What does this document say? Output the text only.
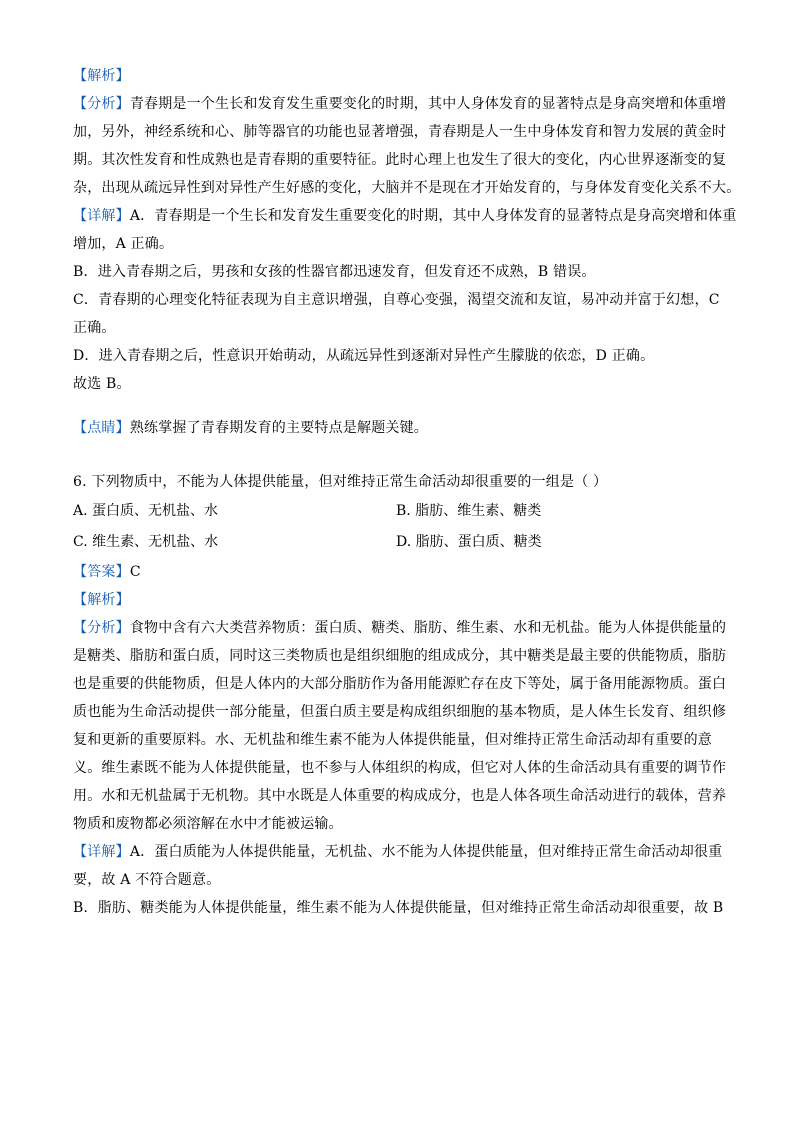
【解析】
【分析】青春期是一个生长和发育发生重要变化的时期，其中人身体发育的显著特点是身高突增和体重增
加，另外，神经系统和心、肺等器官的功能也显著增强，青春期是人一生中身体发育和智力发展的黄金时
期。其次性发育和性成熟也是青春期的重要特征。此时心理上也发生了很大的变化，内心世界逐渐变的复
杂，出现从疏远异性到对异性产生好感的变化，大脑并不是现在才开始发育的，与身体发育变化关系不大。
【详解】A．青春期是一个生长和发育发生重要变化的时期，其中人身体发育的显著特点是身高突增和体重
增加，A 正确。
B．进入青春期之后，男孩和女孩的性器官都迅速发育，但发育还不成熟，B 错误。
C．青春期的心理变化特征表现为自主意识增强，自尊心变强，渴望交流和友谊，易冲动并富于幻想，C
正确。
D．进入青春期之后，性意识开始萌动，从疏远异性到逐渐对异性产生朦胧的依恋，D 正确。
故选 B。
【点睛】熟练掌握了青春期发育的主要特点是解题关键。
6. 下列物质中，不能为人体提供能量，但对维持正常生命活动却很重要的一组是（ ）
A. 蛋白质、无机盐、水	B. 脂肪、维生素、糖类
C. 维生素、无机盐、水	D. 脂肪、蛋白质、糖类
【答案】C
【解析】
【分析】食物中含有六大类营养物质：蛋白质、糖类、脂肪、维生素、水和无机盐。能为人体提供能量的
是糖类、脂肪和蛋白质，同时这三类物质也是组织细胞的组成成分，其中糖类是最主要的供能物质，脂肪
也是重要的供能物质，但是人体内的大部分脂肪作为备用能源贮存在皮下等处，属于备用能源物质。蛋白
质也能为生命活动提供一部分能量，但蛋白质主要是构成组织细胞的基本物质，是人体生长发育、组织修
复和更新的重要原料。水、无机盐和维生素不能为人体提供能量，但对维持正常生命活动却有重要的意
义。维生素既不能为人体提供能量，也不参与人体组织的构成，但它对人体的生命活动具有重要的调节作
用。水和无机盐属于无机物。其中水既是人体重要的构成成分，也是人体各项生命活动进行的载体，营养
物质和废物都必须溶解在水中才能被运输。
【详解】A．蛋白质能为人体提供能量，无机盐、水不能为人体提供能量，但对维持正常生命活动却很重
要，故 A 不符合题意。
B．脂肪、糖类能为人体提供能量，维生素不能为人体提供能量，但对维持正常生命活动却很重要，故 B
